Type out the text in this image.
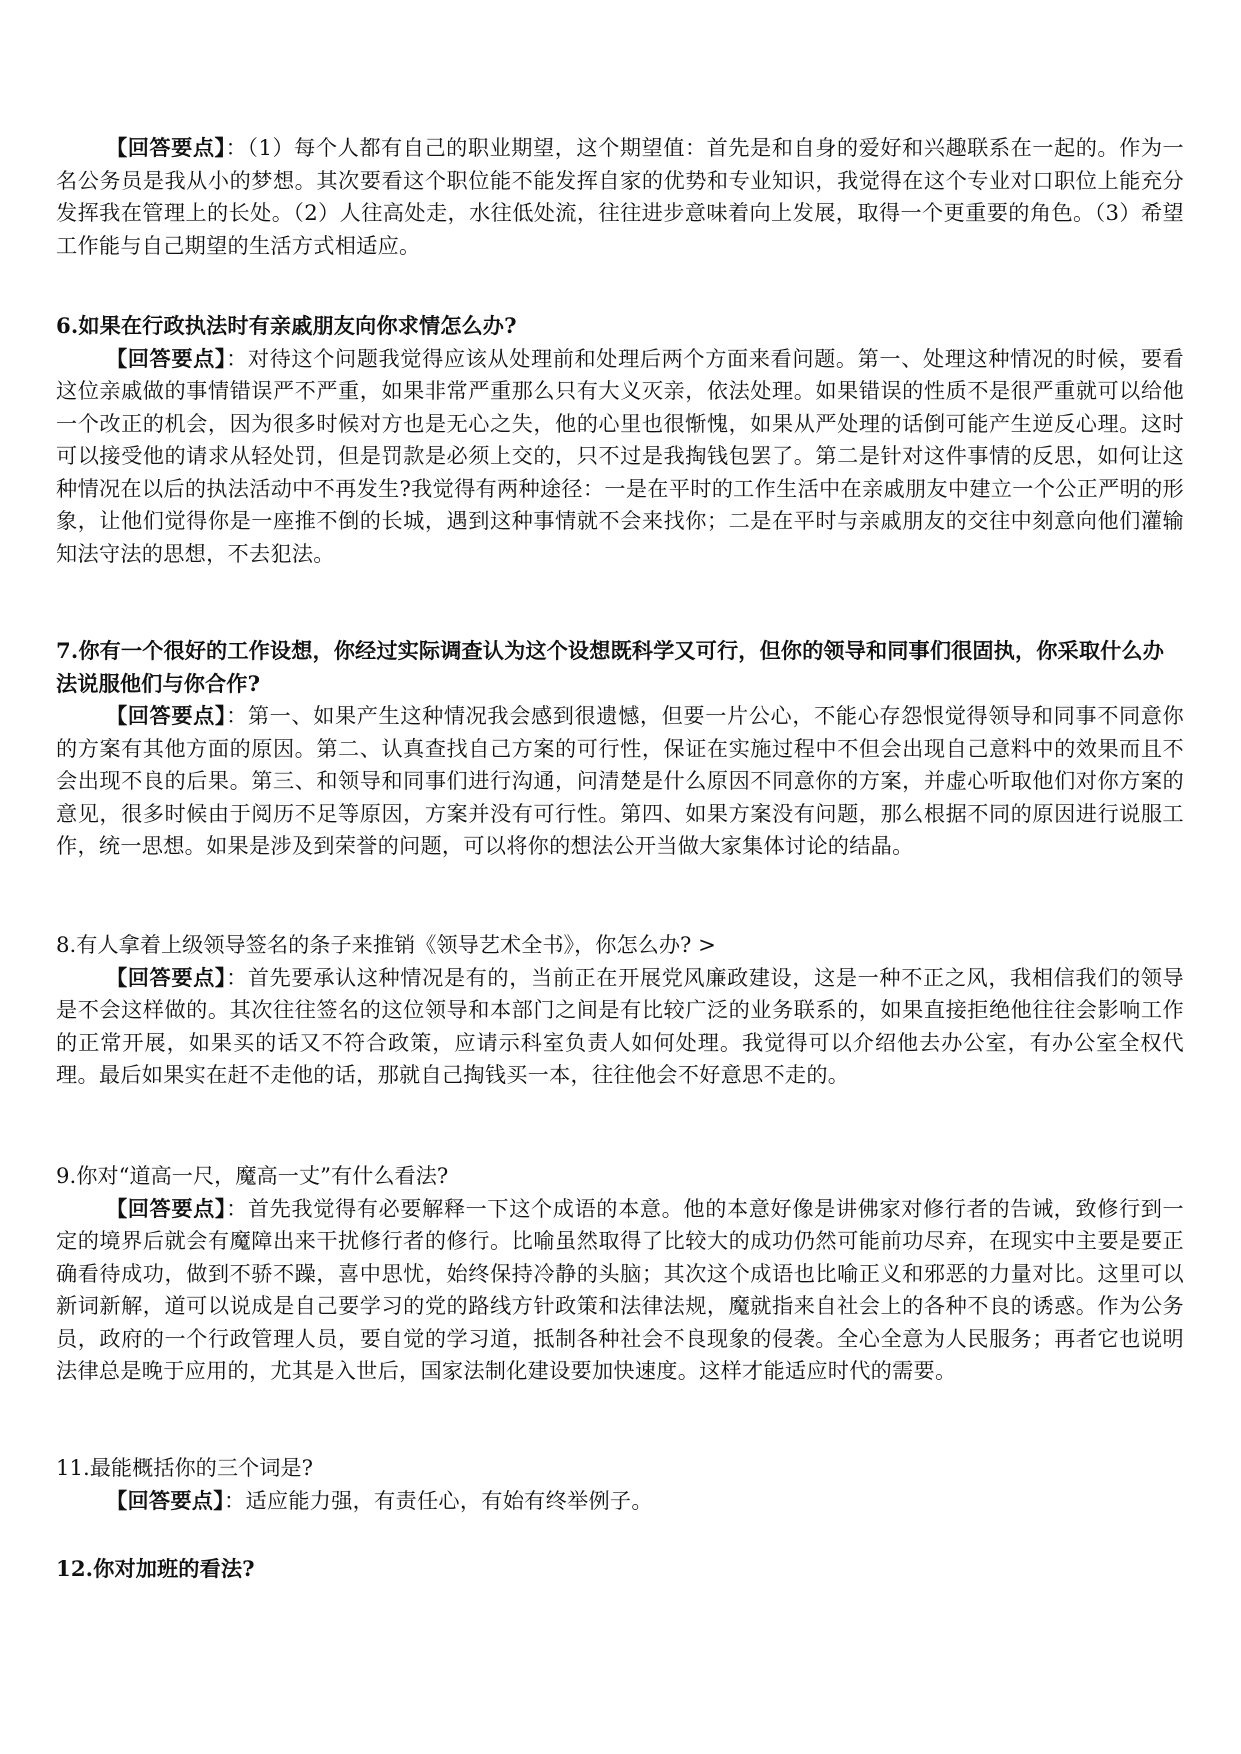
【回答要点】：（1）每个人都有自己的职业期望，这个期望值：首先是和自身的爱好和兴趣联系在一起的。作为一名公务员是我从小的梦想。其次要看这个职位能不能发挥自家的优势和专业知识，我觉得在这个专业对口职位上能充分发挥我在管理上的长处。（2）人往高处走，水往低处流，往往进步意味着向上发展，取得一个更重要的角色。（3）希望工作能与自己期望的生活方式相适应。

6.如果在行政执法时有亲戚朋友向你求情怎么办?

【回答要点】：对待这个问题我觉得应该从处理前和处理后两个方面来看问题。第一、处理这种情况的时候，要看这位亲戚做的事情错误严不严重，如果非常严重那么只有大义灭亲，依法处理。如果错误的性质不是很严重就可以给他一个改正的机会，因为很多时候对方也是无心之失，他的心里也很惭愧，如果从严处理的话倒可能产生逆反心理。这时可以接受他的请求从轻处罚，但是罚款是必须上交的，只不过是我掏钱包罢了。第二是针对这件事情的反思，如何让这种情况在以后的执法活动中不再发生?我觉得有两种途径：一是在平时的工作生活中在亲戚朋友中建立一个公正严明的形象，让他们觉得你是一座推不倒的长城，遇到这种事情就不会来找你；二是在平时与亲戚朋友的交往中刻意向他们灌输知法守法的思想，不去犯法。

7.你有一个很好的工作设想，你经过实际调查认为这个设想既科学又可行，但你的领导和同事们很固执，你采取什么办法说服他们与你合作?

【回答要点】：第一、如果产生这种情况我会感到很遗憾，但要一片公心，不能心存怨恨觉得领导和同事不同意你的方案有其他方面的原因。第二、认真查找自己方案的可行性，保证在实施过程中不但会出现自己意料中的效果而且不会出现不良的后果。第三、和领导和同事们进行沟通，问清楚是什么原因不同意你的方案，并虚心听取他们对你方案的意见，很多时候由于阅历不足等原因，方案并没有可行性。第四、如果方案没有问题，那么根据不同的原因进行说服工作，统一思想。如果是涉及到荣誉的问题，可以将你的想法公开当做大家集体讨论的结晶。

8.有人拿着上级领导签名的条子来推销《领导艺术全书》，你怎么办? >

【回答要点】：首先要承认这种情况是有的，当前正在开展党风廉政建设，这是一种不正之风，我相信我们的领导是不会这样做的。其次往往签名的这位领导和本部门之间是有比较广泛的业务联系的，如果直接拒绝他往往会影响工作的正常开展，如果买的话又不符合政策，应请示科室负责人如何处理。我觉得可以介绍他去办公室，有办公室全权代理。最后如果实在赶不走他的话，那就自己掏钱买一本，往往他会不好意思不走的。

9.你对“道高一尺，魔高一丈”有什么看法?

【回答要点】：首先我觉得有必要解释一下这个成语的本意。他的本意好像是讲佛家对修行者的告诫，致修行到一定的境界后就会有魔障出来干扰修行者的修行。比喻虽然取得了比较大的成功仍然可能前功尽弃，在现实中主要是要正确看待成功，做到不骄不躁，喜中思忧，始终保持冷静的头脑；其次这个成语也比喻正义和邪恶的力量对比。这里可以新词新解，道可以说成是自己要学习的党的路线方针政策和法律法规，魔就指来自社会上的各种不良的诱惑。作为公务员，政府的一个行政管理人员，要自觉的学习道，抵制各种社会不良现象的侵袭。全心全意为人民服务；再者它也说明法律总是晚于应用的，尤其是入世后，国家法制化建设要加快速度。这样才能适应时代的需要。

11.最能概括你的三个词是?

【回答要点】：适应能力强，有责任心，有始有终举例子。

12.你对加班的看法?
